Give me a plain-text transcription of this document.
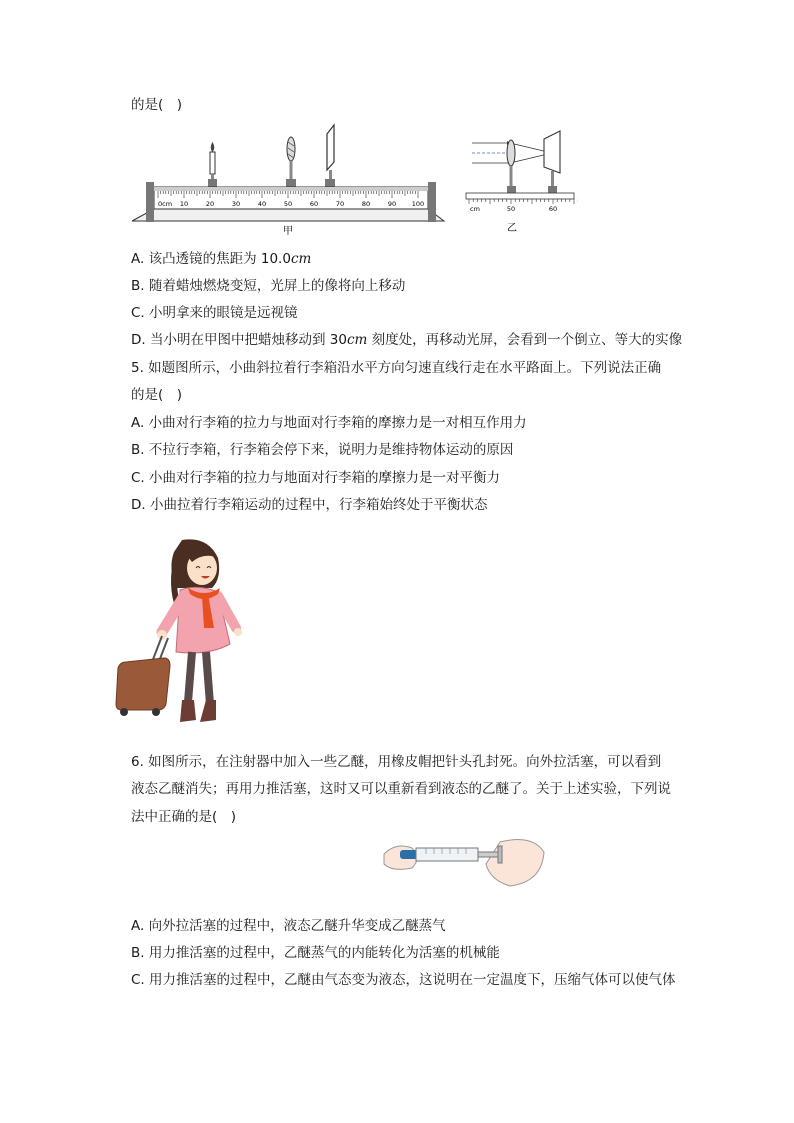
的是(　)
0cm 10	20	30	40	50	60	70	80	90 100
甲
cm	50	60
乙
A. 该凸透镜的焦距为 10.0cm
B. 随着蜡烛燃烧变短，光屏上的像将向上移动
C. 小明拿来的眼镜是远视镜
D. 当小明在甲图中把蜡烛移动到 30cm 刻度处，再移动光屏，会看到一个倒立、等大的实像
5. 如题图所示，小曲斜拉着行李箱沿水平方向匀速直线行走在水平路面上。下列说法正确
的是(　)
A. 小曲对行李箱的拉力与地面对行李箱的摩擦力是一对相互作用力
B. 不拉行李箱，行李箱会停下来，说明力是维持物体运动的原因
C. 小曲对行李箱的拉力与地面对行李箱的摩擦力是一对平衡力
D. 小曲拉着行李箱运动的过程中，行李箱始终处于平衡状态
6. 如图所示，在注射器中加入一些乙醚，用橡皮帽把针头孔封死。向外拉活塞，可以看到
液态乙醚消失；再用力推活塞，这时又可以重新看到液态的乙醚了。关于上述实验，下列说
法中正确的是(　)
A. 向外拉活塞的过程中，液态乙醚升华变成乙醚蒸气
B. 用力推活塞的过程中，乙醚蒸气的内能转化为活塞的机械能
C. 用力推活塞的过程中，乙醚由气态变为液态，这说明在一定温度下，压缩气体可以使气体
